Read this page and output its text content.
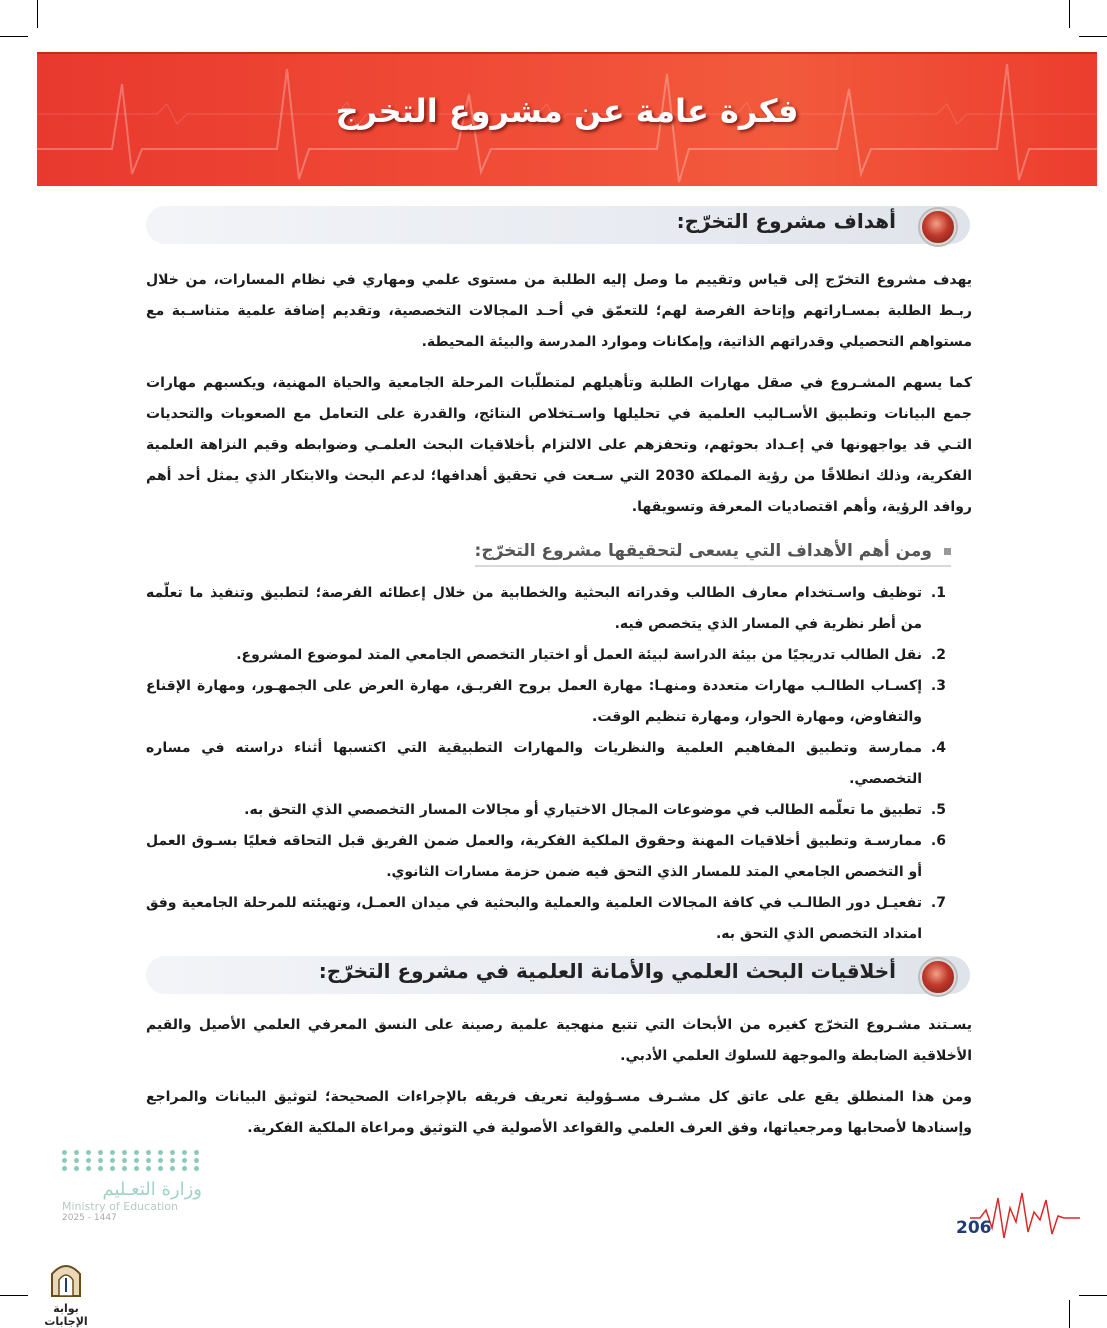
فكرة عامة عن مشروع التخرج
أهداف مشروع التخرّج:

يهدف مشروع التخرّج إلى قياس وتقييم ما وصل إليه الطلبة من مستوى علمي ومهاري في نظام المسارات، من خلال ربـط الطلبة بمسـاراتهم وإتاحة الفرصة لهم؛ للتعمّق في أحـد المجالات التخصصية، وتقديم إضافة علمية متناسـبة مع مستواهم التحصيلي وقدراتهم الذاتية، وإمكانات وموارد المدرسة والبيئة المحيطة.

كما يسهم المشـروع في صقل مهارات الطلبة وتأهيلهم لمتطلّبات المرحلة الجامعية والحياة المهنية، ويكسبهم مهارات جمع البيانات وتطبيق الأسـاليب العلمية في تحليلها واسـتخلاص النتائج، والقدرة على التعامل مع الصعوبات والتحديات التـي قد يواجهونها في إعـداد بحوثهم، وتحفزهم على الالتزام بأخلاقيات البحث العلمـي وضوابطه وقيم النزاهة العلمية الفكرية، وذلك انطلاقًا من رؤية المملكة 2030 التي سـعت في تحقيق أهدافها؛ لدعم البحث والابتكار الذي يمثل أحد أهم روافد الرؤية، وأهم اقتصاديات المعرفة وتسويقها.

ومن أهم الأهداف التي يسعى لتحقيقها مشروع التخرّج:
1.
توظيف واسـتخدام معارف الطالب وقدراته البحثية والخطابية من خلال إعطائه الفرصة؛ لتطبيق وتنفيذ ما تعلّمه من أطر نظرية في المسار الذي يتخصص فيه.
2.
نقل الطالب تدريجيًا من بيئة الدراسة لبيئة العمل أو اختيار التخصص الجامعي المتد لموضوع المشروع.
3.
إكسـاب الطالـب مهارات متعددة ومنهـا: مهارة العمل بروح الفريـق، مهارة العرض على الجمهـور، ومهارة الإقناع والتفاوض، ومهارة الحوار، ومهارة تنظيم الوقت.
4.
ممارسة وتطبيق المفاهيم العلمية والنظريات والمهارات التطبيقية التي اكتسبها أثناء دراسته في مساره التخصصي.
5.
تطبيق ما تعلّمه الطالب في موضوعات المجال الاختياري أو مجالات المسار التخصصي الذي التحق به.
6.
ممارسـة وتطبيق أخلاقيات المهنة وحقوق الملكية الفكرية، والعمل ضمن الفريق قبل التحاقه فعليًا بسـوق العمل أو التخصص الجامعي المتد للمسار الذي التحق فيه ضمن حزمة مسارات الثانوي.
7.
تفعيـل دور الطالـب في كافة المجالات العلمية والعملية والبحثية في ميدان العمـل، وتهيئته للمرحلة الجامعية وفق امتداد التخصص الذي التحق به.
أخلاقيات البحث العلمي والأمانة العلمية في مشروع التخرّج:

يسـتند مشـروع التخرّج كغيره من الأبحاث التي تتبع منهجية علمية رصينة على النسق المعرفي العلمي الأصيل والقيم الأخلاقية الضابطة والموجهة للسلوك العلمي الأدبي.

ومن هذا المنطلق يقع على عاتق كل مشـرف مسـؤولية تعريف فريقه بالإجراءات الصحيحة؛ لتوثيق البيانات والمراجع وإسنادها لأصحابها ومرجعياتها، وفق العرف العلمي والقواعد الأصولية في التوثيق ومراعاة الملكية الفكرية.

وزارة التعـليم
Ministry of Education
2025 - 1447	206
بوابة الإجابات
